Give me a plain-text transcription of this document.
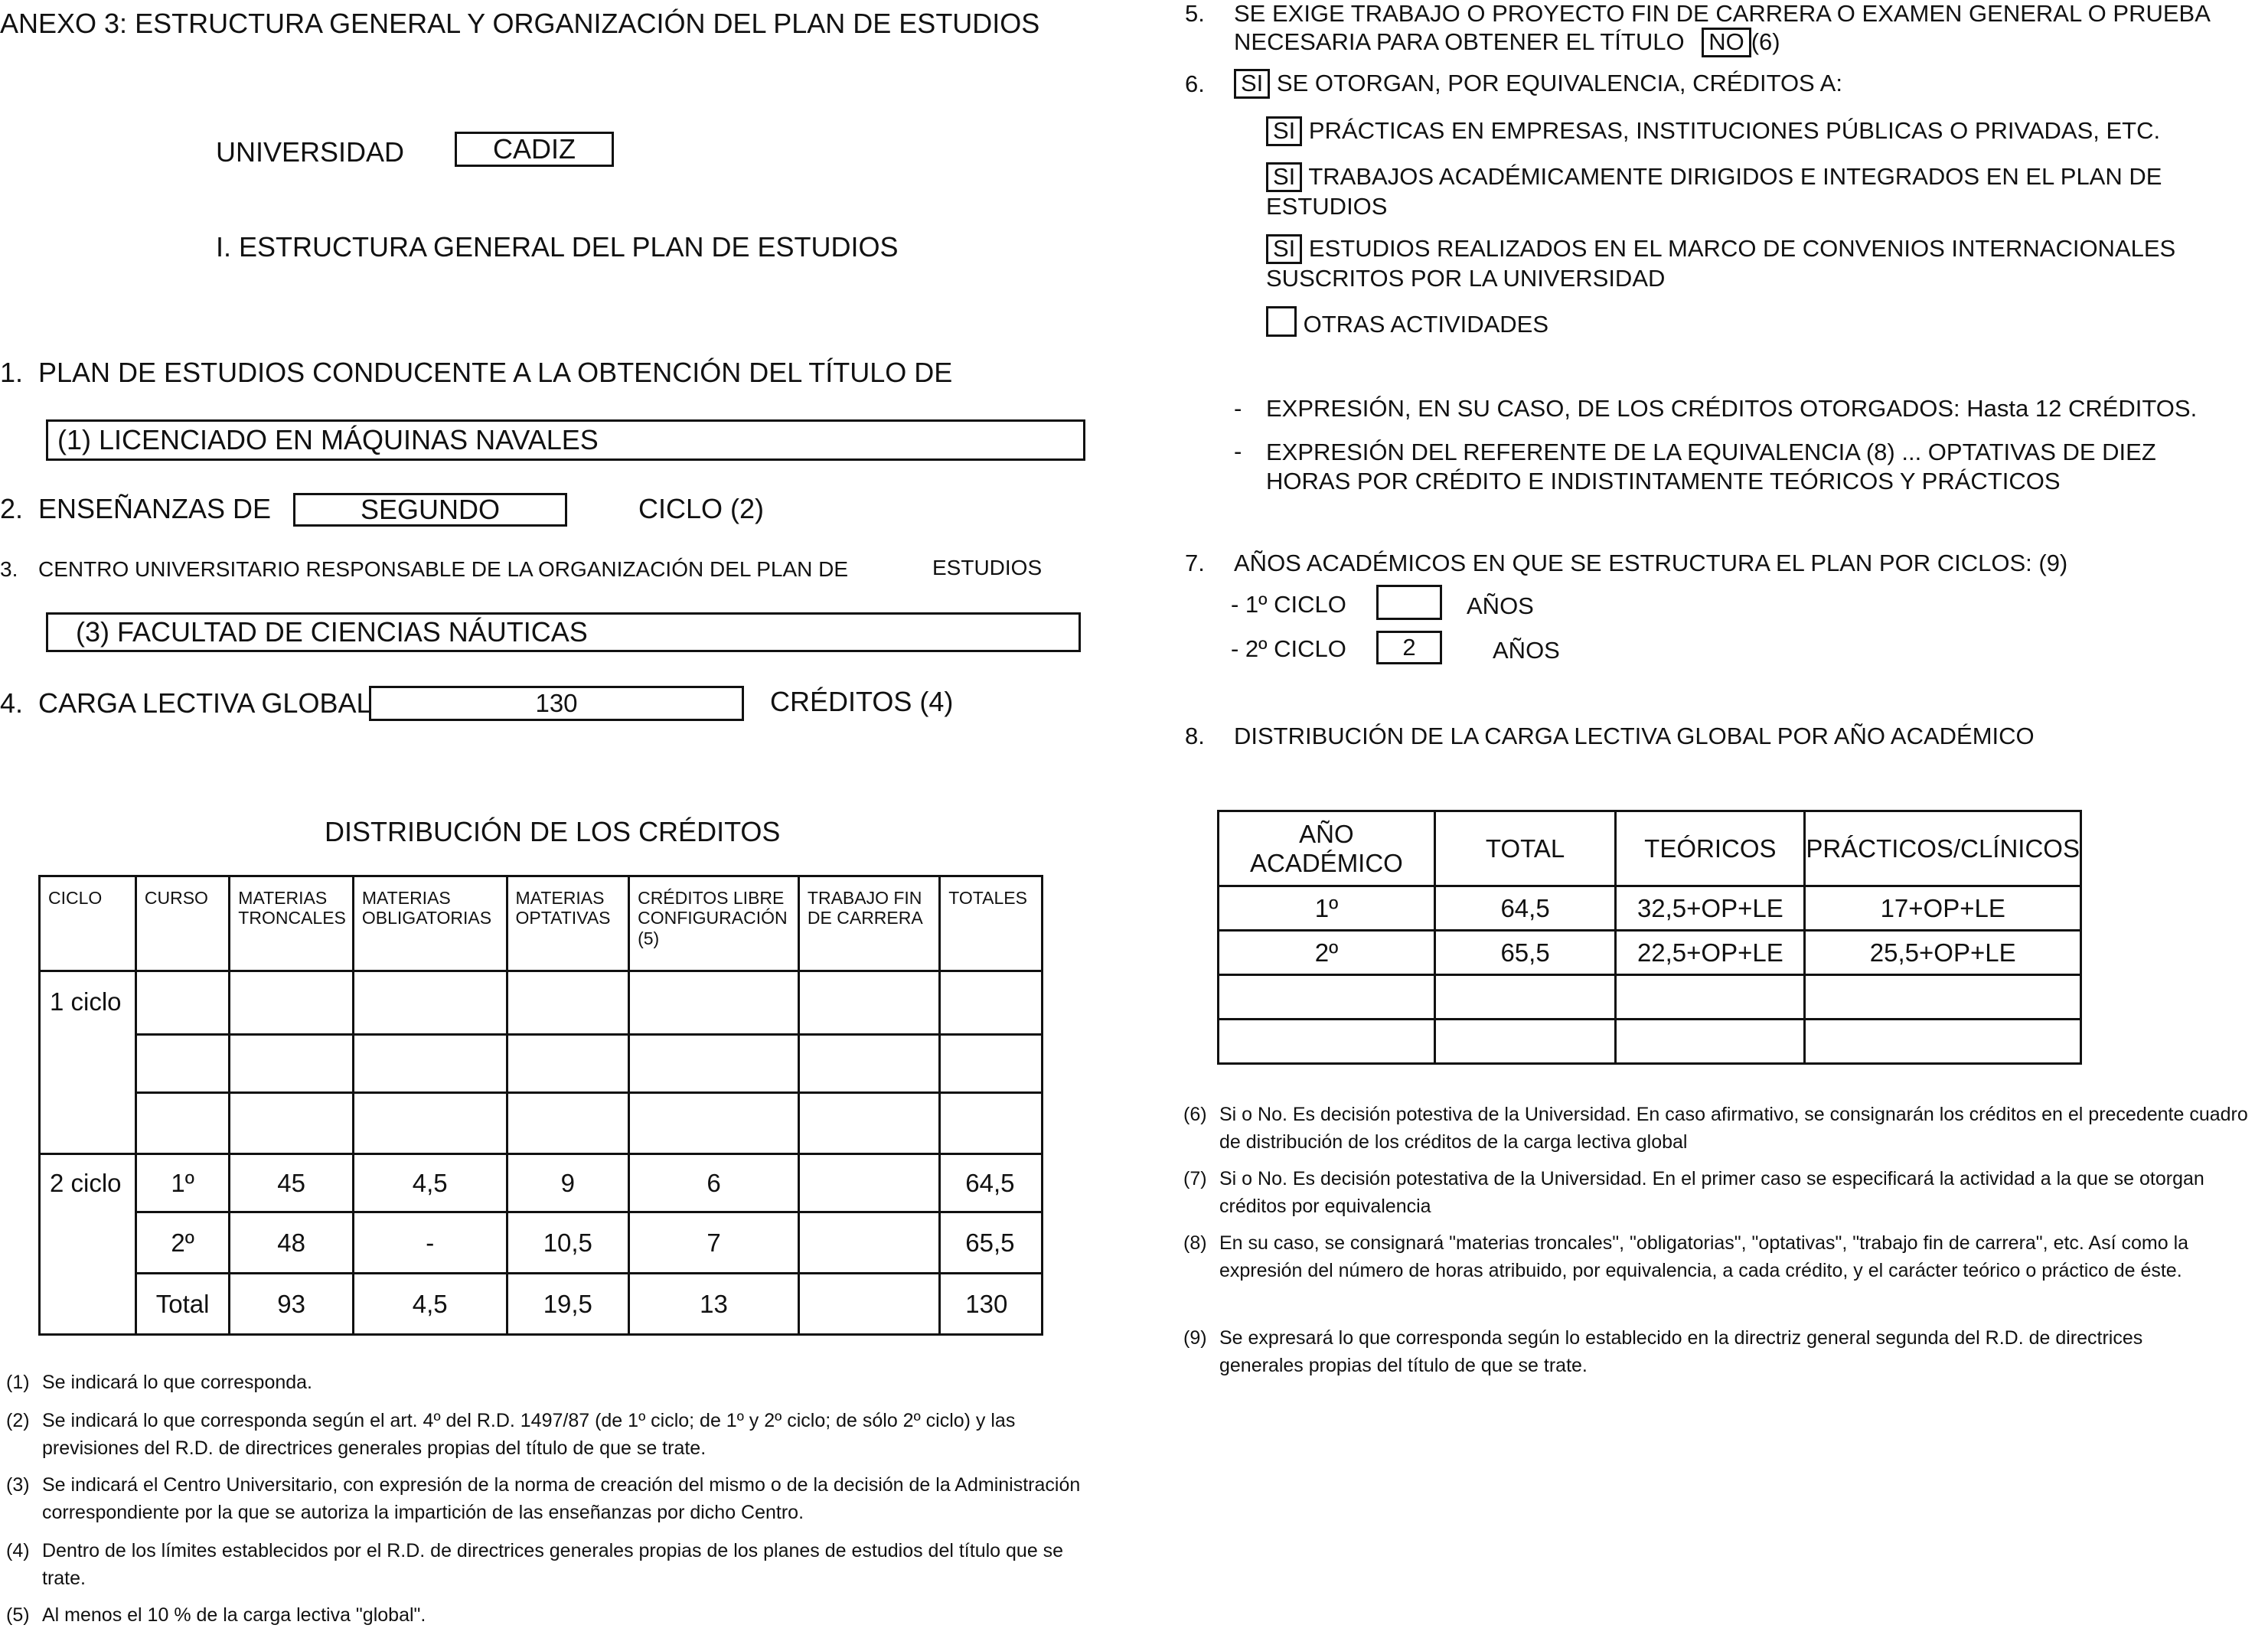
ANEXO 3: ESTRUCTURA GENERAL Y ORGANIZACIÓN DEL PLAN DE ESTUDIOS
UNIVERSIDAD	CADIZ
I. ESTRUCTURA GENERAL DEL PLAN DE ESTUDIOS
1. PLAN DE ESTUDIOS CONDUCENTE A LA OBTENCIÓN DEL TÍTULO DE
(1) LICENCIADO EN MÁQUINAS NAVALES
2. ENSEÑANZAS DE	SEGUNDO	CICLO (2)
3. CENTRO UNIVERSITARIO RESPONSABLE DE LA ORGANIZACIÓN DEL PLAN DE	ESTUDIOS
(3) FACULTAD DE CIENCIAS NÁUTICAS
4. CARGA LECTIVA GLOBAL	130	CRÉDITOS (4)
DISTRIBUCIÓN DE LOS CRÉDITOS
CICLO	CURSO	MATERIAS TRONCALES	MATERIAS OBLIGATORIAS	MATERIAS OPTATIVAS	CRÉDITOS LIBRE CONFIGURACIÓN (5)	TRABAJO FIN DE CARRERA	TOTALES
1 ciclo							

2 ciclo	1º	45	4,5	9	6		64,5
	2º	48	-	10,5	7		65,5
	Total	93	4,5	19,5	13		130
(1) Se indicará lo que corresponda.
(2) Se indicará lo que corresponda según el art. 4º del R.D. 1497/87 (de 1º ciclo; de 1º y 2º ciclo; de sólo 2º ciclo) y las previsiones del R.D. de directrices generales propias del título de que se trate.
(3) Se indicará el Centro Universitario, con expresión de la norma de creación del mismo o de la decisión de la Administración correspondiente por la que se autoriza la impartición de las enseñanzas por dicho Centro.
(4) Dentro de los límites establecidos por el R.D. de directrices generales propias de los planes de estudios del título que se trate.
(5) Al menos el 10 % de la carga lectiva "global".
5. SE EXIGE TRABAJO O PROYECTO FIN DE CARRERA O EXAMEN GENERAL O PRUEBA
NECESARIA PARA OBTENER EL TÍTULO NO (6)
6. SI SE OTORGAN, POR EQUIVALENCIA, CRÉDITOS A:
SI PRÁCTICAS EN EMPRESAS, INSTITUCIONES PÚBLICAS O PRIVADAS, ETC.
SI TRABAJOS ACADÉMICAMENTE DIRIGIDOS E INTEGRADOS EN EL PLAN DE
ESTUDIOS
SI ESTUDIOS REALIZADOS EN EL MARCO DE CONVENIOS INTERNACIONALES
SUSCRITOS POR LA UNIVERSIDAD
OTRAS ACTIVIDADES
- EXPRESIÓN, EN SU CASO, DE LOS CRÉDITOS OTORGADOS: Hasta 12 CRÉDITOS.
- EXPRESIÓN DEL REFERENTE DE LA EQUIVALENCIA (8) ... OPTATIVAS DE DIEZ
HORAS POR CRÉDITO E INDISTINTAMENTE TEÓRICOS Y PRÁCTICOS
7. AÑOS ACADÉMICOS EN QUE SE ESTRUCTURA EL PLAN POR CICLOS: (9)
- 1º CICLO	AÑOS
- 2º CICLO 2	AÑOS
8. DISTRIBUCIÓN DE LA CARGA LECTIVA GLOBAL POR AÑO ACADÉMICO
AÑO ACADÉMICO	TOTAL	TEÓRICOS	PRÁCTICOS/CLÍNICOS
1º	64,5	32,5+OP+LE	17+OP+LE
2º	65,5	22,5+OP+LE	25,5+OP+LE

(6) Si o No. Es decisión potestiva de la Universidad. En caso afirmativo, se consignarán los créditos en el precedente cuadro de distribución de los créditos de la carga lectiva global
(7) Si o No. Es decisión potestativa de la Universidad. En el primer caso se especificará la actividad a la que se otorgan créditos por equivalencia
(8) En su caso, se consignará "materias troncales", "obligatorias", "optativas", "trabajo fin de carrera", etc. Así como la expresión del número de horas atribuido, por equivalencia, a cada crédito, y el carácter teórico o práctico de éste.
(9) Se expresará lo que corresponda según lo establecido en la directriz general segunda del R.D. de directrices generales propias del título de que se trate.
